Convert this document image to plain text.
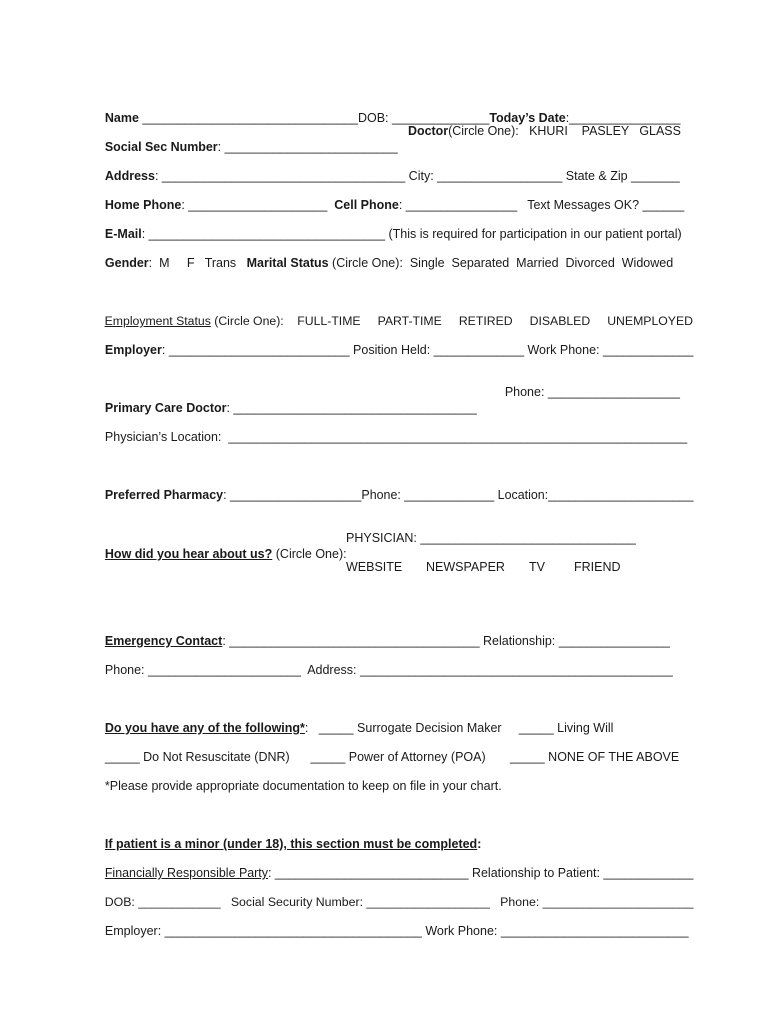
Name _______________________________DOB: ______________Today’s Date:________________

Social Sec Number: _________________________

Doctor(Circle One):   KHURI    PASLEY   GLASS

Address: ___________________________________ City: __________________ State & Zip _______

Home Phone: ____________________  Cell Phone: ________________   Text Messages OK? ______

E-Mail: __________________________________ (This is required for participation in our patient portal)

Gender:  M     F   Trans   Marital Status (Circle One):  Single  Separated  Married  Divorced  Widowed

Employment Status (Circle One):    FULL-TIME     PART-TIME     RETIRED     DISABLED     UNEMPLOYED

Employer: __________________________ Position Held: _____________ Work Phone: _____________

Primary Care Doctor: ___________________________________

Phone: ___________________

Physician’s Location:  __________________________________________________________________

Preferred Pharmacy: ___________________Phone: _____________ Location:_____________________

How did you hear about us? (Circle One):

PHYSICIAN: _______________________________

WEBSITE

NEWSPAPER

TV

FRIEND

Emergency Contact: ____________________________________ Relationship: ________________

Phone: ______________________  Address: _____________________________________________

Do you have any of the following*:   _____ Surrogate Decision Maker     _____ Living Will

_____ Do Not Resuscitate (DNR)      _____ Power of Attorney (POA)       _____ NONE OF THE ABOVE

*Please provide appropriate documentation to keep on file in your chart.

If patient is a minor (under 18), this section must be completed:

Financially Responsible Party: ____________________________ Relationship to Patient: _____________

DOB: ____________   Social Security Number: __________________   Phone: ______________________

Employer: _____________________________________ Work Phone: ___________________________
